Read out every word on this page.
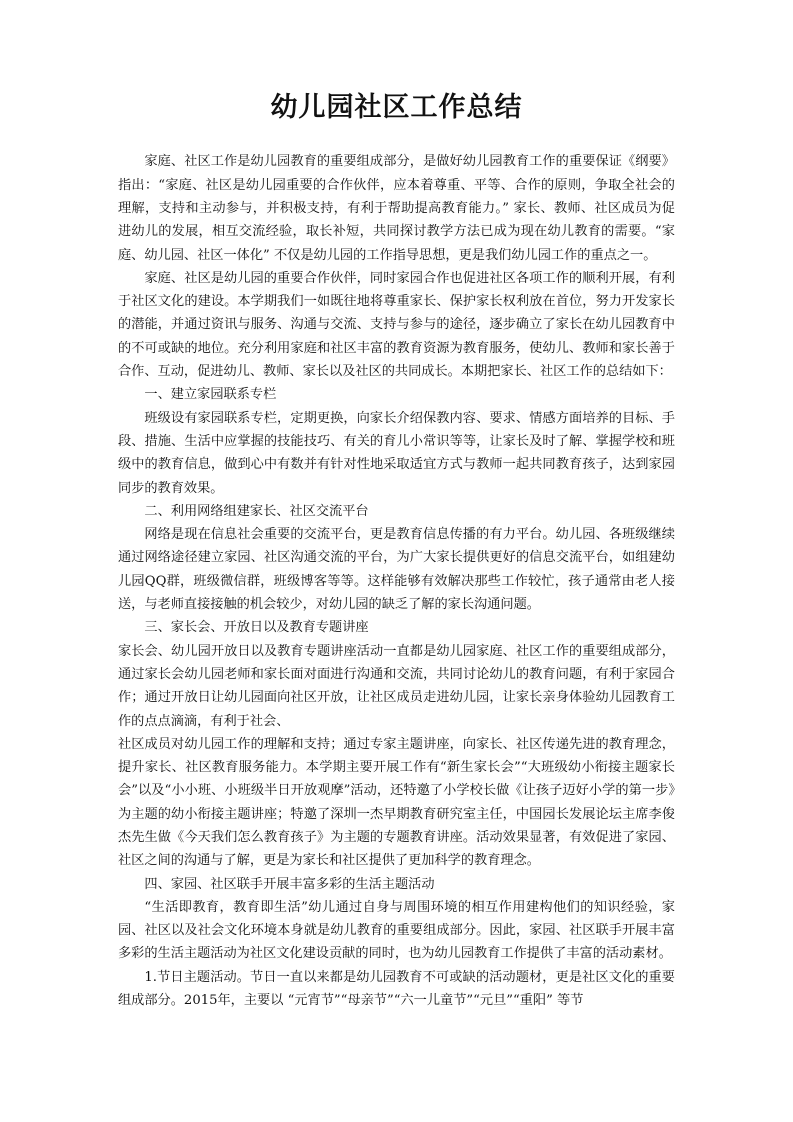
幼儿园社区工作总结

家庭、社区工作是幼儿园教育的重要组成部分，是做好幼儿园教育工作的重要保证《纲要》指出：“家庭、社区是幼儿园重要的合作伙伴，应本着尊重、平等、合作的原则，争取全社会的理解，支持和主动参与，并积极支持，有利于帮助提高教育能力。” 家长、教师、社区成员为促进幼儿的发展，相互交流经验，取长补短，共同探讨教学方法已成为现在幼儿教育的需要。“家庭、幼儿园、社区一体化” 不仅是幼儿园的工作指导思想，更是我们幼儿园工作的重点之一。

家庭、社区是幼儿园的重要合作伙伴，同时家园合作也促进社区各项工作的顺利开展，有利于社区文化的建设。本学期我们一如既往地将尊重家长、保护家长权利放在首位，努力开发家长的潜能，并通过资讯与服务、沟通与交流、支持与参与的途径，逐步确立了家长在幼儿园教育中的不可或缺的地位。充分利用家庭和社区丰富的教育资源为教育服务，使幼儿、教师和家长善于合作、互动，促进幼儿、教师、家长以及社区的共同成长。本期把家长、社区工作的总结如下：

一、建立家园联系专栏

班级设有家园联系专栏，定期更换，向家长介绍保教内容、要求、情感方面培养的目标、手段、措施、生活中应掌握的技能技巧、有关的育儿小常识等等，让家长及时了解、掌握学校和班级中的教育信息，做到心中有数并有针对性地采取适宜方式与教师一起共同教育孩子，达到家园同步的教育效果。

二、利用网络组建家长、社区交流平台

网络是现在信息社会重要的交流平台，更是教育信息传播的有力平台。幼儿园、各班级继续通过网络途径建立家园、社区沟通交流的平台，为广大家长提供更好的信息交流平台，如组建幼儿园QQ群，班级微信群，班级博客等等。这样能够有效解决那些工作较忙，孩子通常由老人接送，与老师直接接触的机会较少，对幼儿园的缺乏了解的家长沟通问题。

三、家长会、开放日以及教育专题讲座

家长会、幼儿园开放日以及教育专题讲座活动一直都是幼儿园家庭、社区工作的重要组成部分，通过家长会幼儿园老师和家长面对面进行沟通和交流，共同讨论幼儿的教育问题，有利于家园合作；通过开放日让幼儿园面向社区开放，让社区成员走进幼儿园，让家长亲身体验幼儿园教育工作的点点滴滴，有利于社会、

社区成员对幼儿园工作的理解和支持；通过专家主题讲座，向家长、社区传递先进的教育理念，提升家长、社区教育服务能力。本学期主要开展工作有“新生家长会”“大班级幼小衔接主题家长会”以及“小小班、小班级半日开放观摩”活动，还特邀了小学校长做《让孩子迈好小学的第一步》为主题的幼小衔接主题讲座；特邀了深圳一杰早期教育研究室主任，中国园长发展论坛主席李俊杰先生做《今天我们怎么教育孩子》为主题的专题教育讲座。活动效果显著，有效促进了家园、社区之间的沟通与了解，更是为家长和社区提供了更加科学的教育理念。

四、家园、社区联手开展丰富多彩的生活主题活动

“生活即教育，教育即生活”幼儿通过自身与周围环境的相互作用建构他们的知识经验，家园、社区以及社会文化环境本身就是幼儿教育的重要组成部分。因此，家园、社区联手开展丰富多彩的生活主题活动为社区文化建设贡献的同时，也为幼儿园教育工作提供了丰富的活动素材。

1.节日主题活动。节日一直以来都是幼儿园教育不可或缺的活动题材，更是社区文化的重要组成部分。2015年，主要以 “元宵节”“母亲节”“六一儿童节”“元旦”“重阳” 等节
